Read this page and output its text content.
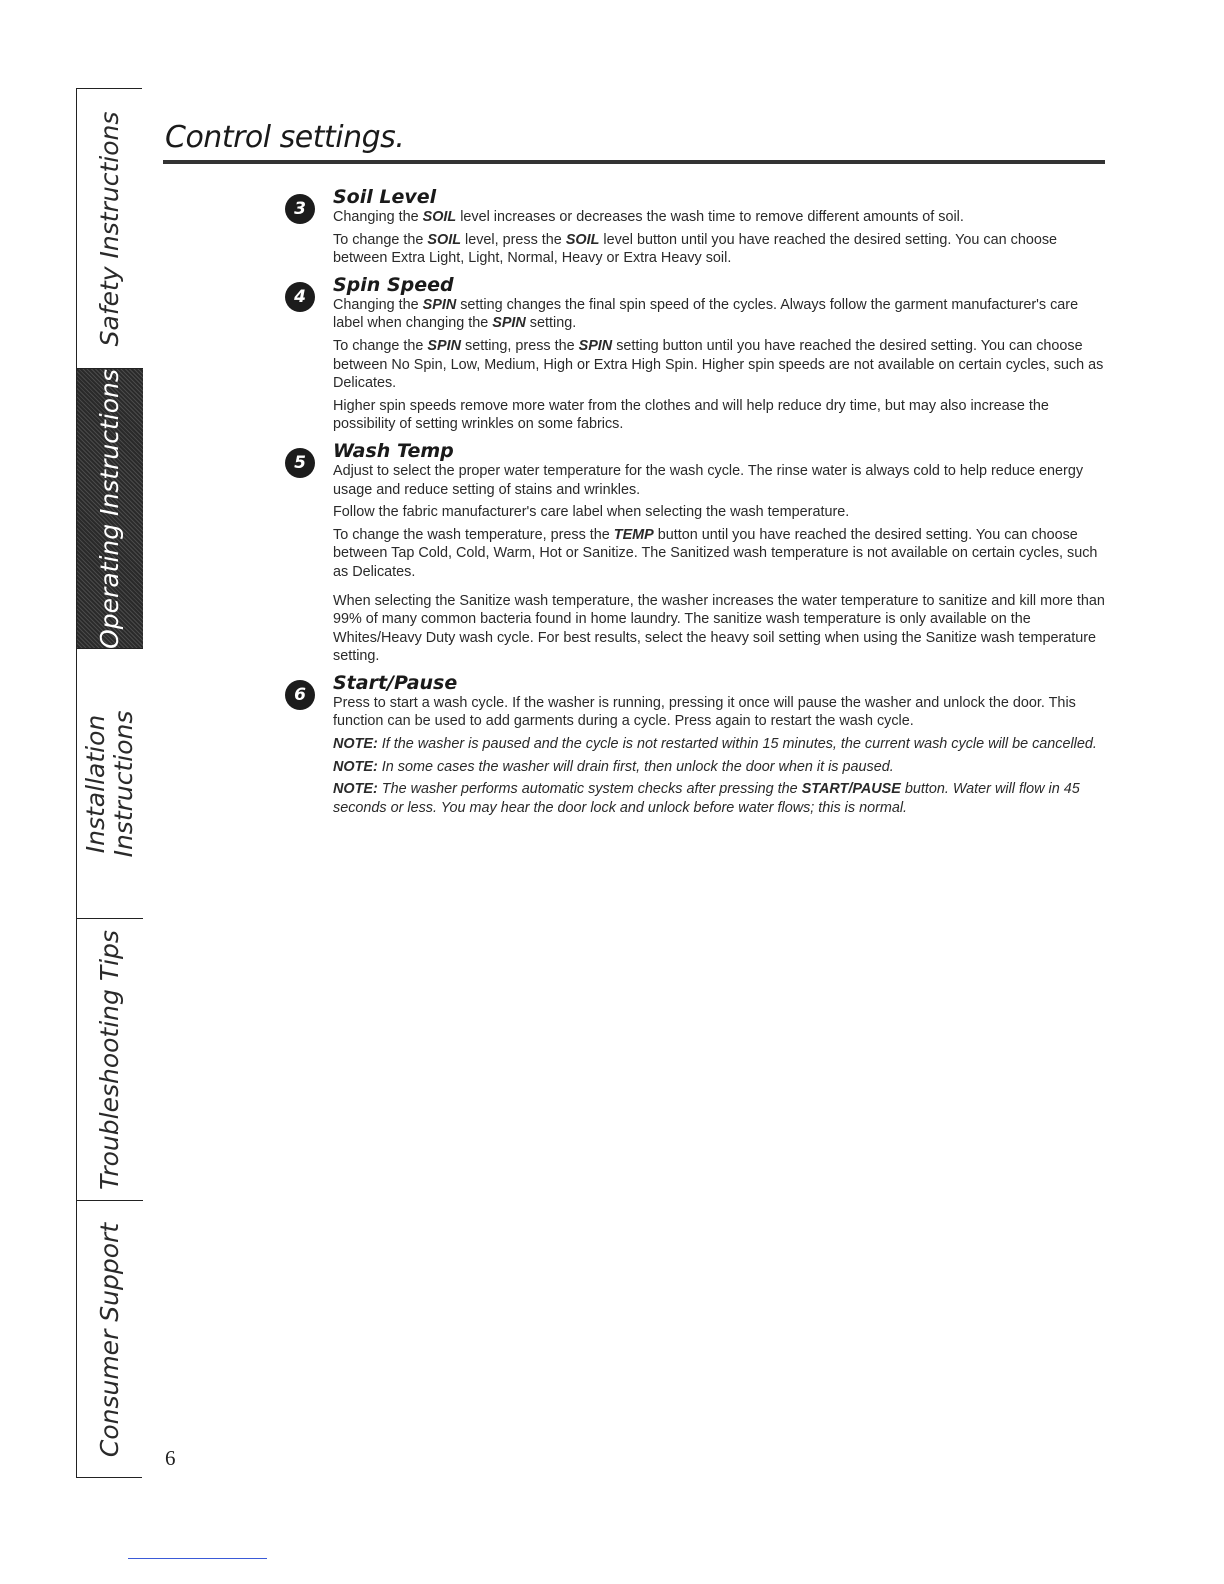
Safety Instructions
Operating Instructions
Installation Instructions
Troubleshooting Tips
Consumer Support
Control settings.
3
Soil Level

Changing the SOIL level increases or decreases the wash time to remove different amounts of soil.

To change the SOIL level, press the SOIL level button until you have reached the desired setting. You can choose between Extra Light, Light, Normal, Heavy or Extra Heavy soil.

4
Spin Speed

Changing the SPIN setting changes the final spin speed of the cycles. Always follow the garment manufacturer's care label when changing the SPIN setting.

To change the SPIN setting, press the SPIN setting button until you have reached the desired setting. You can choose between No Spin, Low, Medium, High or Extra High Spin. Higher spin speeds are not available on certain cycles, such as Delicates.

Higher spin speeds remove more water from the clothes and will help reduce dry time, but may also increase the possibility of setting wrinkles on some fabrics.

5
Wash Temp

Adjust to select the proper water temperature for the wash cycle. The rinse water is always cold to help reduce energy usage and reduce setting of stains and wrinkles.

Follow the fabric manufacturer's care label when selecting the wash temperature.

To change the wash temperature, press the TEMP button until you have reached the desired setting. You can choose between Tap Cold, Cold, Warm, Hot or Sanitize. The Sanitized wash temperature is not available on certain cycles, such as Delicates.

When selecting the Sanitize wash temperature, the washer increases the water temperature to sanitize and kill more than 99% of many common bacteria found in home laundry. The sanitize wash temperature is only available on the Whites/Heavy Duty wash cycle. For best results, select the heavy soil setting when using the Sanitize wash temperature setting.

6
Start/Pause

Press to start a wash cycle. If the washer is running, pressing it once will pause the washer and unlock the door. This function can be used to add garments during a cycle. Press again to restart the wash cycle.

NOTE: If the washer is paused and the cycle is not restarted within 15 minutes, the current wash cycle will be cancelled.

NOTE: In some cases the washer will drain first, then unlock the door when it is paused.

NOTE: The washer performs automatic system checks after pressing the START/PAUSE button. Water will flow in 45 seconds or less. You may hear the door lock and unlock before water flows; this is normal.

6
